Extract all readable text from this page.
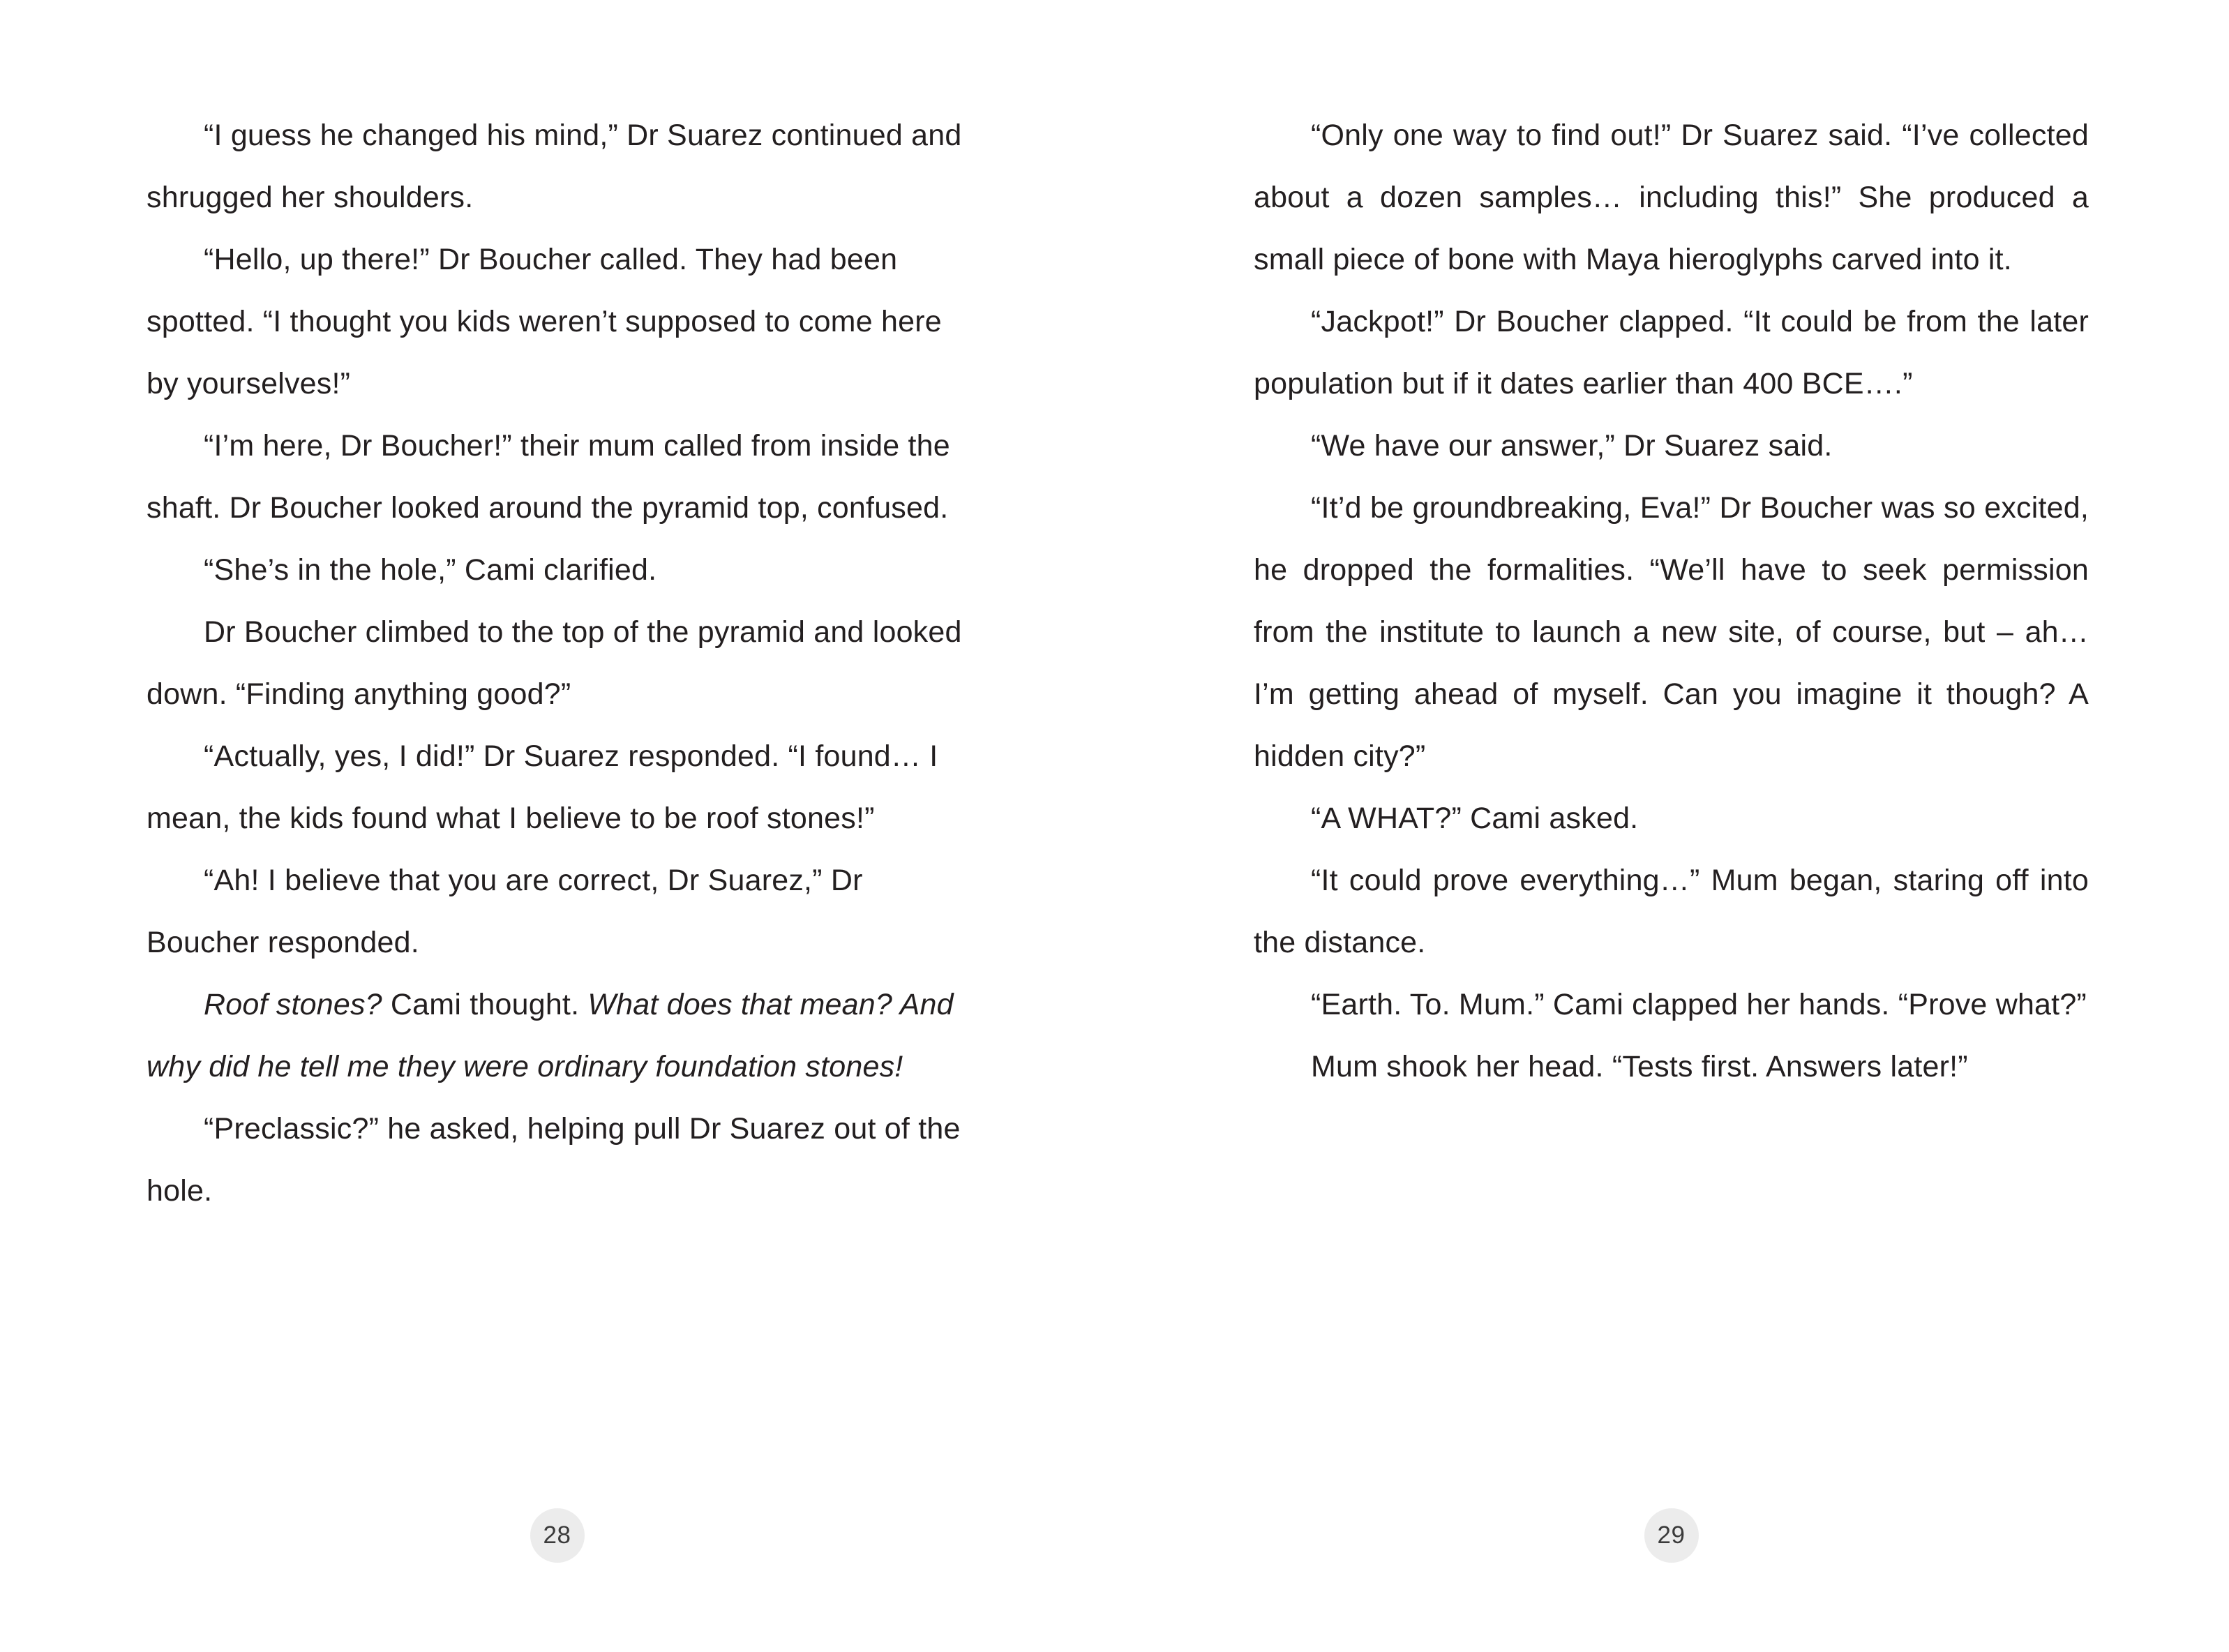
“I guess he changed his mind,” Dr Suarez continued and shrugged her shoulders.

“Hello, up there!” Dr Boucher called. They had been spotted. “I thought you kids weren’t supposed to come here by yourselves!”

“I’m here, Dr Boucher!” their mum called from inside the shaft. Dr Boucher looked around the pyramid top, confused.

“She’s in the hole,” Cami clarified.

Dr Boucher climbed to the top of the pyramid and looked down. “Finding anything good?”

“Actually, yes, I did!” Dr Suarez responded. “I found… I mean, the kids found what I believe to be roof stones!”

“Ah! I believe that you are correct, Dr Suarez,” Dr Boucher responded.

Roof stones? Cami thought. What does that mean? And why did he tell me they were ordinary foundation stones!

“Preclassic?” he asked, helping pull Dr Suarez out of the hole.

28

“Only one way to find out!” Dr Suarez said. “I’ve collected about a dozen samples… including this!” She produced a small piece of bone with Maya hieroglyphs carved into it.

“Jackpot!” Dr Boucher clapped. “It could be from the later population but if it dates earlier than 400 BCE….”

“We have our answer,” Dr Suarez said.

“It’d be groundbreaking, Eva!” Dr Boucher was so excited, he dropped the formalities. “We’ll have to seek permission from the institute to launch a new site, of course, but – ah… I’m getting ahead of myself. Can you imagine it though? A hidden city?”

“A WHAT?” Cami asked.

“It could prove everything…” Mum began, staring off into the distance.

“Earth. To. Mum.” Cami clapped her hands. “Prove what?”

Mum shook her head. “Tests first. Answers later!”

29
